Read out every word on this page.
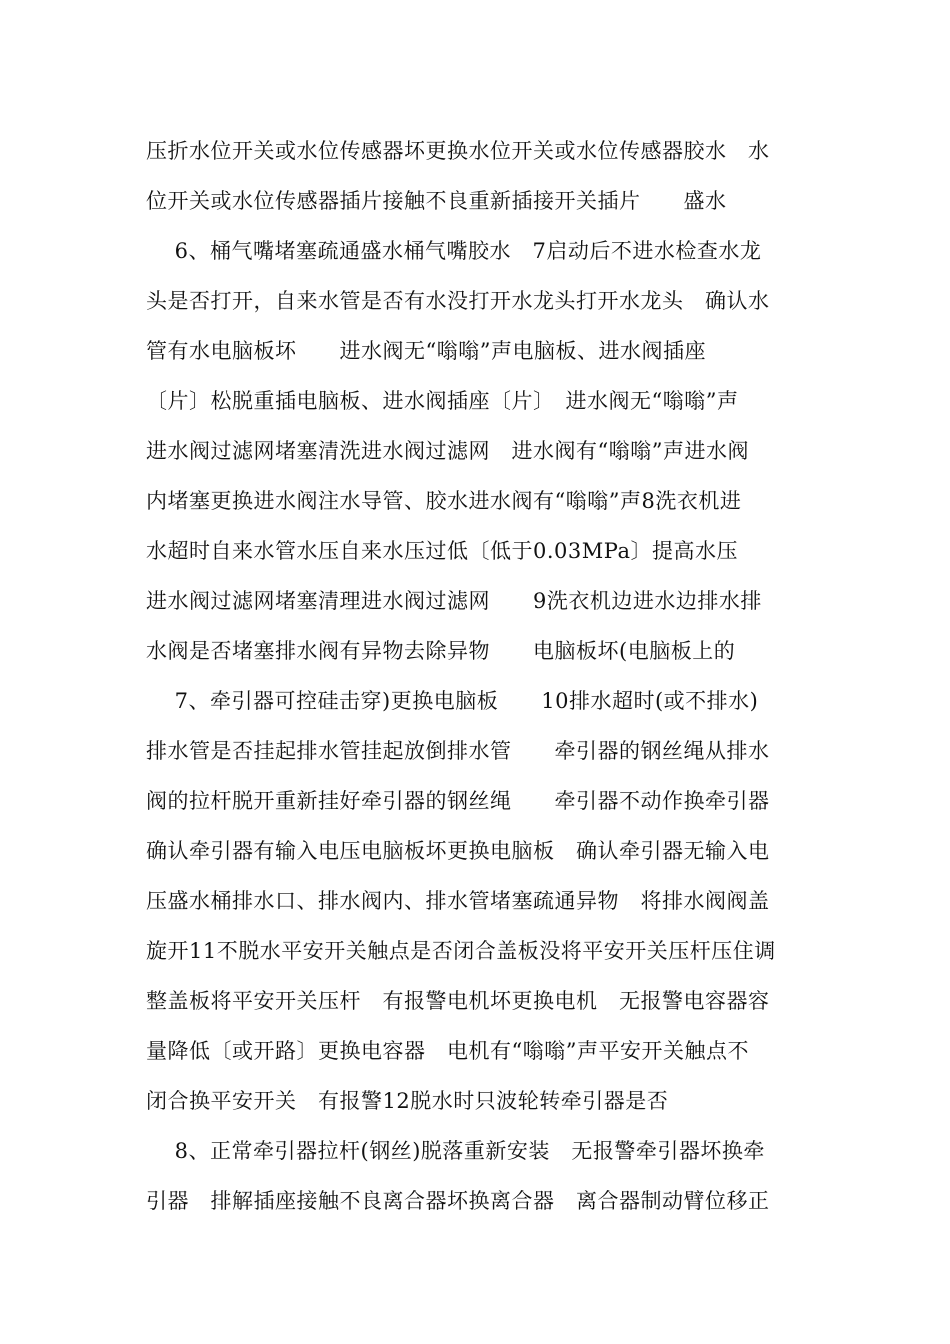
压折水位开关或水位传感器坏更换水位开关或水位传感器胶水　水
位开关或水位传感器插片接触不良重新插接开关插片　　盛水
　 6、桶气嘴堵塞疏通盛水桶气嘴胶水　7启动后不进水检查水龙
头是否打开，自来水管是否有水没打开水龙头打开水龙头　确认水
管有水电脑板坏　　进水阀无“嗡嗡”声电脑板、进水阀插座
〔片〕松脱重插电脑板、进水阀插座〔片〕　进水阀无“嗡嗡”声
进水阀过滤网堵塞清洗进水阀过滤网　进水阀有“嗡嗡”声进水阀
内堵塞更换进水阀注水导管、胶水进水阀有“嗡嗡”声8洗衣机进
水超时自来水管水压自来水压过低〔低于0.03MPa〕提高水压
进水阀过滤网堵塞清理进水阀过滤网　　9洗衣机边进水边排水排
水阀是否堵塞排水阀有异物去除异物　　电脑板坏(电脑板上的
　 7、牵引器可控硅击穿)更换电脑板　　10排水超时(或不排水)
排水管是否挂起排水管挂起放倒排水管　　牵引器的钢丝绳从排水
阀的拉杆脱开重新挂好牵引器的钢丝绳　　牵引器不动作换牵引器
确认牵引器有输入电压电脑板坏更换电脑板　确认牵引器无输入电
压盛水桶排水口、排水阀内、排水管堵塞疏通异物　将排水阀阀盖
旋开11不脱水平安开关触点是否闭合盖板没将平安开关压杆压住调
整盖板将平安开关压杆　有报警电机坏更换电机　无报警电容器容
量降低〔或开路〕更换电容器　电机有“嗡嗡”声平安开关触点不
闭合换平安开关　有报警12脱水时只波轮转牵引器是否
　 8、正常牵引器拉杆(钢丝)脱落重新安装　无报警牵引器坏换牵
引器　排解插座接触不良离合器坏换离合器　离合器制动臂位移正
